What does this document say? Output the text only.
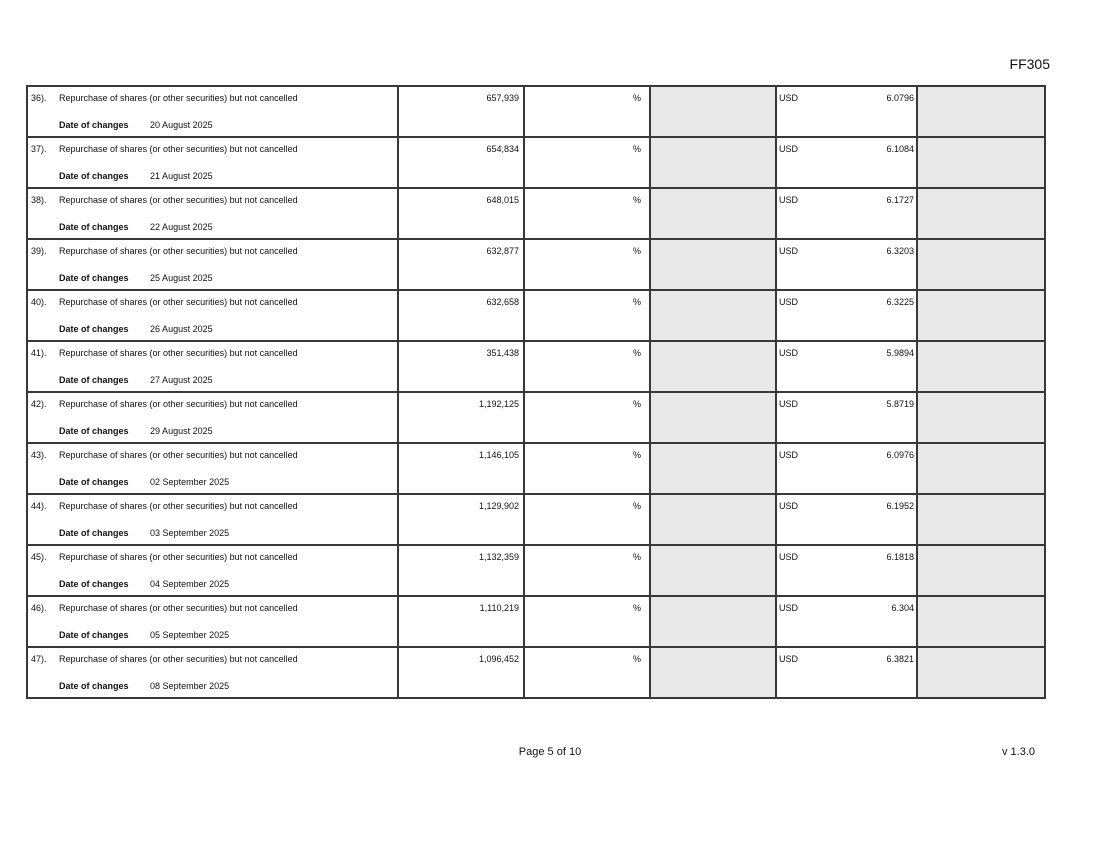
FF305
36).	Repurchase of shares (or other securities) but not cancelled
Date of changes 20 August 2025
	657,939	%		USD	6.0796

37).	Repurchase of shares (or other securities) but not cancelled
Date of changes 21 August 2025
	654,834	%		USD	6.1084

38).	Repurchase of shares (or other securities) but not cancelled
Date of changes 22 August 2025
	648,015	%		USD	6.1727

39).	Repurchase of shares (or other securities) but not cancelled
Date of changes 25 August 2025
	632,877	%		USD	6.3203

40).	Repurchase of shares (or other securities) but not cancelled
Date of changes 26 August 2025
	632,658	%		USD	6.3225

41).	Repurchase of shares (or other securities) but not cancelled
Date of changes 27 August 2025
	351,438	%		USD	5.9894

42).	Repurchase of shares (or other securities) but not cancelled
Date of changes 29 August 2025
	1,192,125	%		USD	5.8719

43).	Repurchase of shares (or other securities) but not cancelled
Date of changes 02 September 2025
	1,146,105	%		USD	6.0976

44).	Repurchase of shares (or other securities) but not cancelled
Date of changes 03 September 2025
	1,129,902	%		USD	6.1952

45).	Repurchase of shares (or other securities) but not cancelled
Date of changes 04 September 2025
	1,132,359	%		USD	6.1818

46).	Repurchase of shares (or other securities) but not cancelled
Date of changes 05 September 2025
	1,110,219	%		USD	6.304

47).	Repurchase of shares (or other securities) but not cancelled
Date of changes 08 September 2025
	1,096,452	%		USD	6.3821

Page 5 of 10	v 1.3.0
